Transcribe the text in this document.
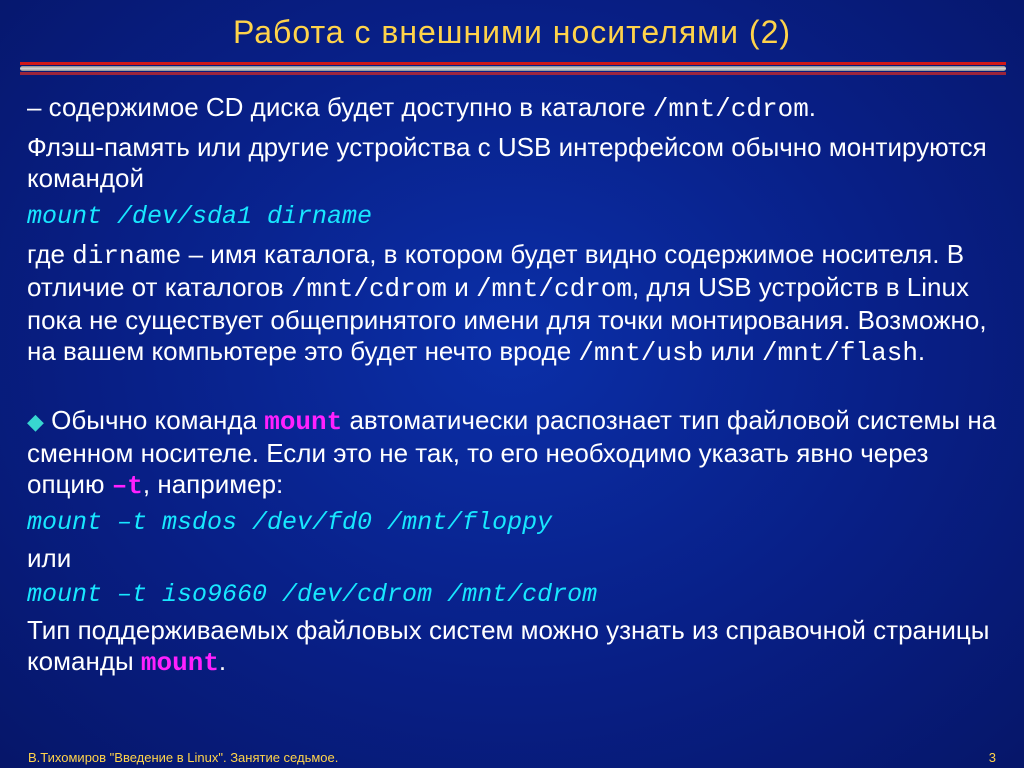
Работа с внешними носителями (2)

– содержимое CD диска будет доступно в каталоге /mnt/cdrom.

Флэш-память или другие устройства с USB интерфейсом обычно монтируются командой

mount /dev/sda1 dirname

где dirname – имя каталога, в котором будет видно содержимое носителя. В отличие от каталогов /mnt/cdrom и /mnt/cdrom, для USB устройств в Linux пока не существует общепринятого имени для точки монтирования. Возможно, на вашем компьютере это будет нечто вроде /mnt/usb или /mnt/flash.

◆ Обычно команда mount автоматически распознает тип файловой системы на сменном носителе. Если это не так, то его необходимо указать явно через опцию –t, например:

mount –t msdos /dev/fd0 /mnt/floppy

или

mount –t iso9660 /dev/cdrom /mnt/cdrom

Тип поддерживаемых файловых систем можно узнать из справочной страницы команды mount.

В.Тихомиров "Введение в Linux". Занятие седьмое.	3
